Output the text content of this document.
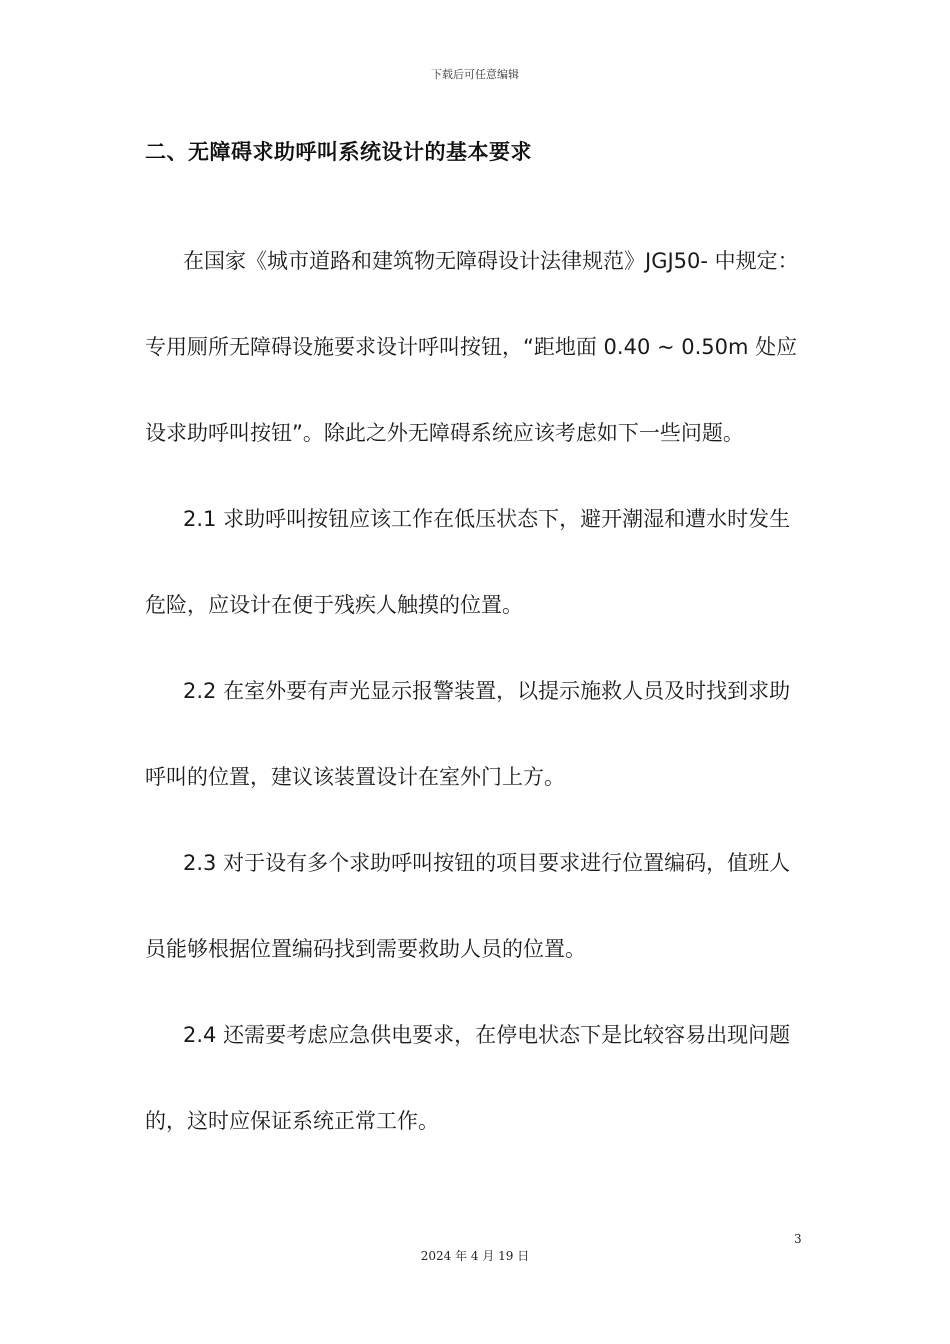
下载后可任意编辑
二、无障碍求助呼叫系统设计的基本要求

在国家《城市道路和建筑物无障碍设计法律规范》JGJ50- 中规定：专用厕所无障碍设施要求设计呼叫按钮，“距地面 0.40 ~ 0.50m 处应设求助呼叫按钮”。除此之外无障碍系统应该考虑如下一些问题。

2.1 求助呼叫按钮应该工作在低压状态下，避开潮湿和遭水时发生危险，应设计在便于残疾人触摸的位置。

2.2 在室外要有声光显示报警装置，以提示施救人员及时找到求助呼叫的位置，建议该装置设计在室外门上方。

2.3 对于设有多个求助呼叫按钮的项目要求进行位置编码，值班人员能够根据位置编码找到需要救助人员的位置。

2.4 还需要考虑应急供电要求，在停电状态下是比较容易出现问题的，这时应保证系统正常工作。

3
2024 年 4 月 19 日
